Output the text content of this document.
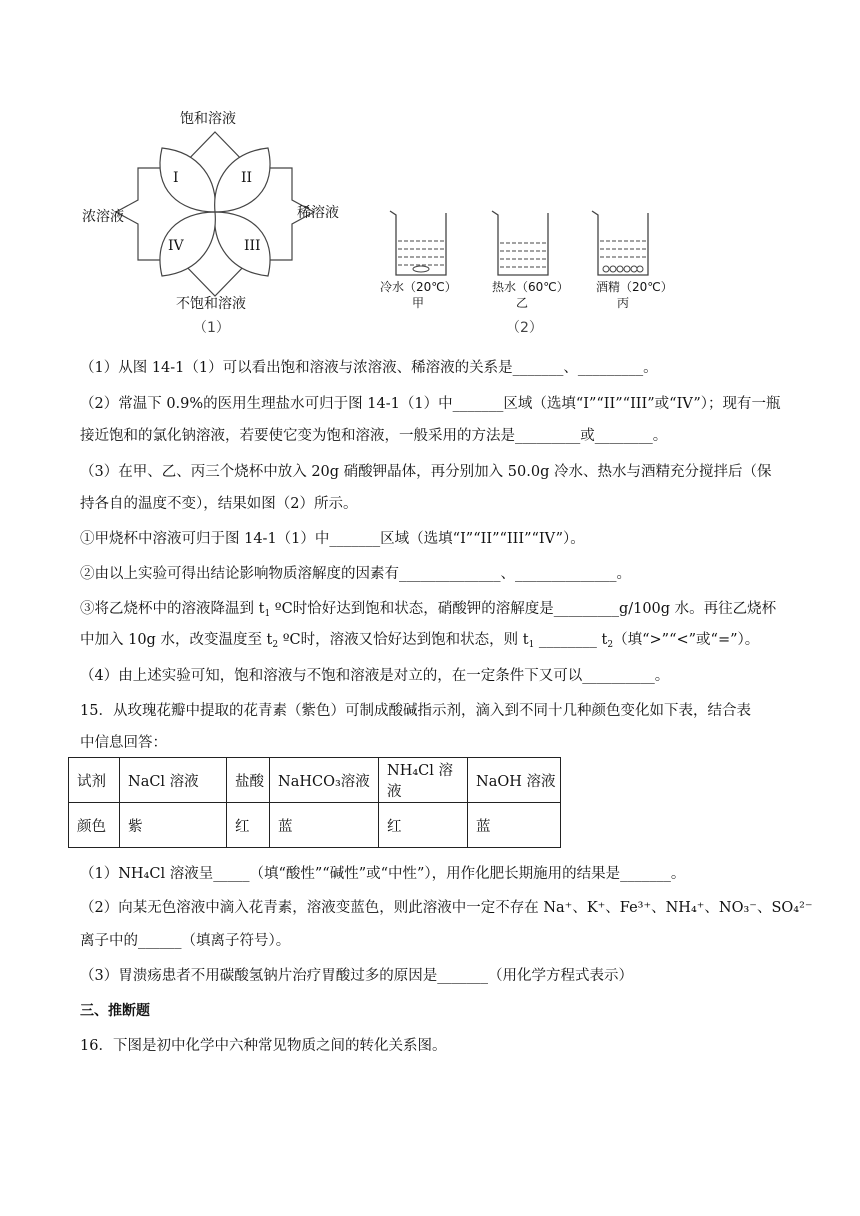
饱和溶液
浓溶液	稀溶液
不饱和溶液
I	II
III
IV
（1）
冷水（20℃）
甲
热水（60℃）
乙
酒精（20℃）
丙
（2）
（1）从图 14-1（1）可以看出饱和溶液与浓溶液、稀溶液的关系是_______、_________。
（2）常温下 0.9%的医用生理盐水可归于图 14-1（1）中_______区域（选填“I”“II”“III”或“IV”）；现有一瓶
接近饱和的氯化钠溶液，若要使它变为饱和溶液，一般采用的方法是_________或________。
（3）在甲、乙、丙三个烧杯中放入 20g 硝酸钾晶体，再分别加入 50.0g 冷水、热水与酒精充分搅拌后（保
持各自的温度不变），结果如图（2）所示。
①甲烧杯中溶液可归于图 14-1（1）中_______区域（选填“I”“II”“III”“IV”）。
②由以上实验可得出结论影响物质溶解度的因素有______________、______________。
③将乙烧杯中的溶液降温到 $t_1$ ºC时恰好达到饱和状态，硝酸钾的溶解度是_________g/100g 水。再往乙烧杯
中加入 10g 水，改变温度至 $t_2$ ºC时，溶液又恰好达到饱和状态，则 $t_1$ ________ $t_2$（填“>”“<”或“=”）。
（4）由上述实验可知，饱和溶液与不饱和溶液是对立的，在一定条件下又可以__________。
15．从玫瑰花瓣中提取的花青素（紫色）可制成酸碱指示剂，滴入到不同十几种颜色变化如下表，结合表
中信息回答：
试剂	NaCl 溶液	盐酸	NaHCO₃溶液	NH₄Cl 溶液	NaOH 溶液
颜色	紫	红	蓝	红	蓝
（1）NH₄Cl 溶液呈_____（填“酸性”“碱性”或“中性”），用作化肥长期施用的结果是_______。
（2）向某无色溶液中滴入花青素，溶液变蓝色，则此溶液中一定不存在 Na⁺、K⁺、Fe³⁺、NH₄⁺、NO₃⁻、SO₄²⁻
离子中的______（填离子符号）。
（3）胃溃疡患者不用碳酸氢钠片治疗胃酸过多的原因是_______（用化学方程式表示）
三、推断题
16．下图是初中化学中六种常见物质之间的转化关系图。
